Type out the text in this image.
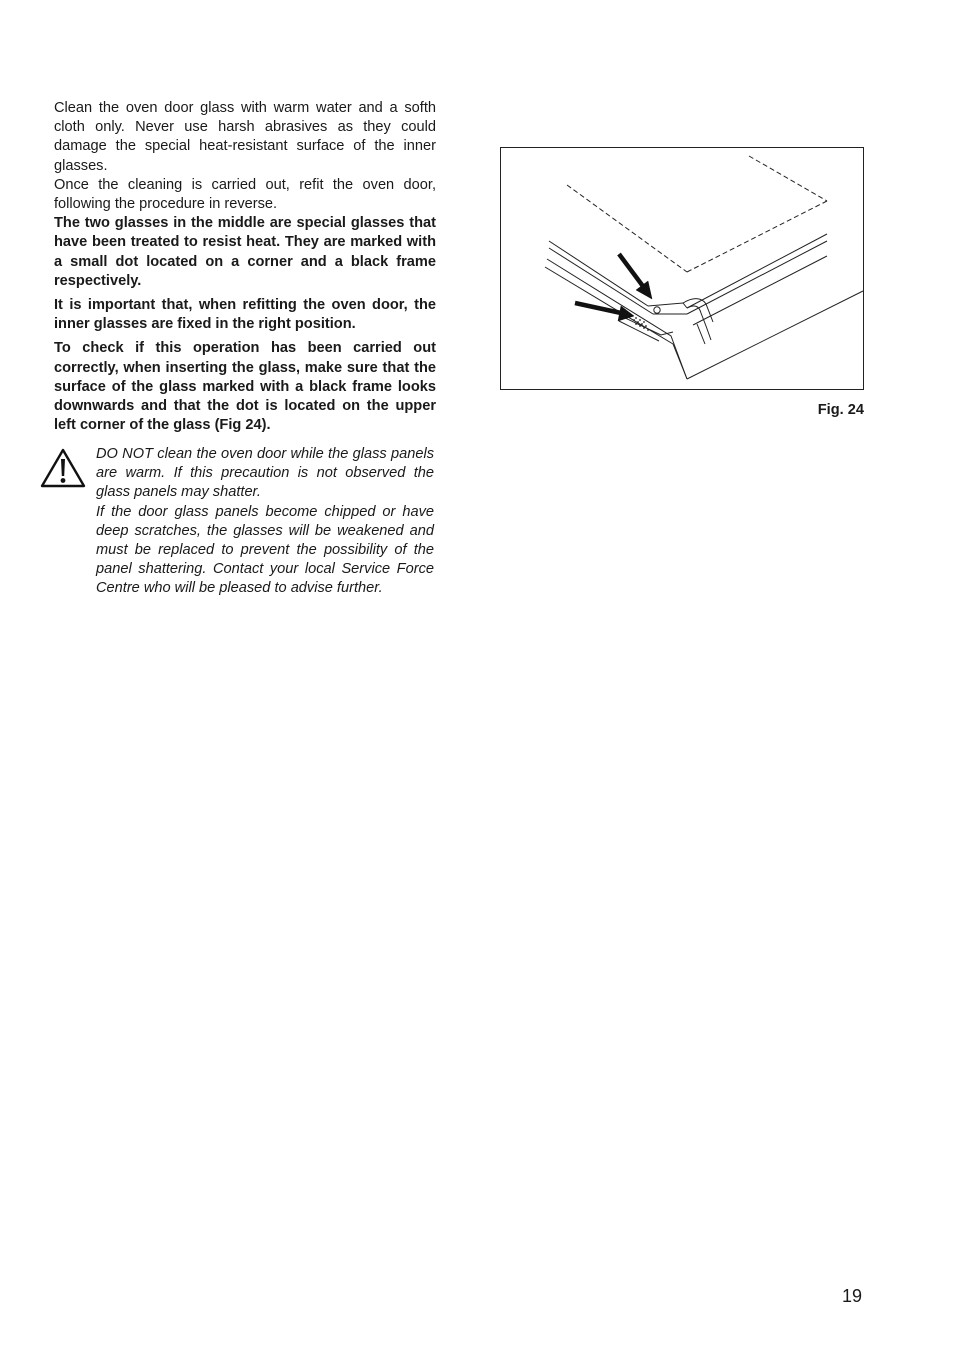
Clean the oven door glass with warm water and a softh cloth only. Never use harsh abrasives as they could damage the special heat-resistant surface of the inner glasses.

Once the cleaning is carried out, refit the oven door, following the procedure in reverse.

The two glasses in the middle are special glasses that have been treated to resist heat. They are marked with a small dot located on a corner and a black frame respectively.

It is important that, when refitting the oven door, the inner glasses are fixed in the right position.

To check if this operation has been carried out correctly, when inserting the glass, make sure that the surface of the glass marked with a black frame looks downwards and that the dot is located on the upper left corner of the glass (Fig 24).

DO NOT clean the oven door while the glass panels are warm. If this precaution is not observed the glass panels may shatter.

If the door glass panels become chipped or have deep scratches, the glasses will be weakened and must be replaced to prevent the possibility of the panel shattering. Contact your local Service Force Centre who will be pleased to advise further.

Fig. 24
19
